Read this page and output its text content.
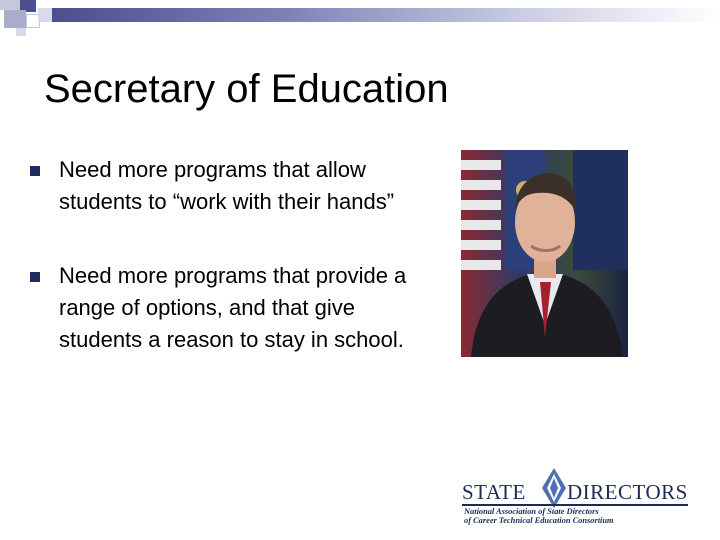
Secretary of Education
Need more programs that allow students to “work with their hands”
Need more programs that provide a range of options, and that give students a reason to stay in school.
STATE DIRECTORS
National Association of State Directors
of Career Technical Education Consortium
